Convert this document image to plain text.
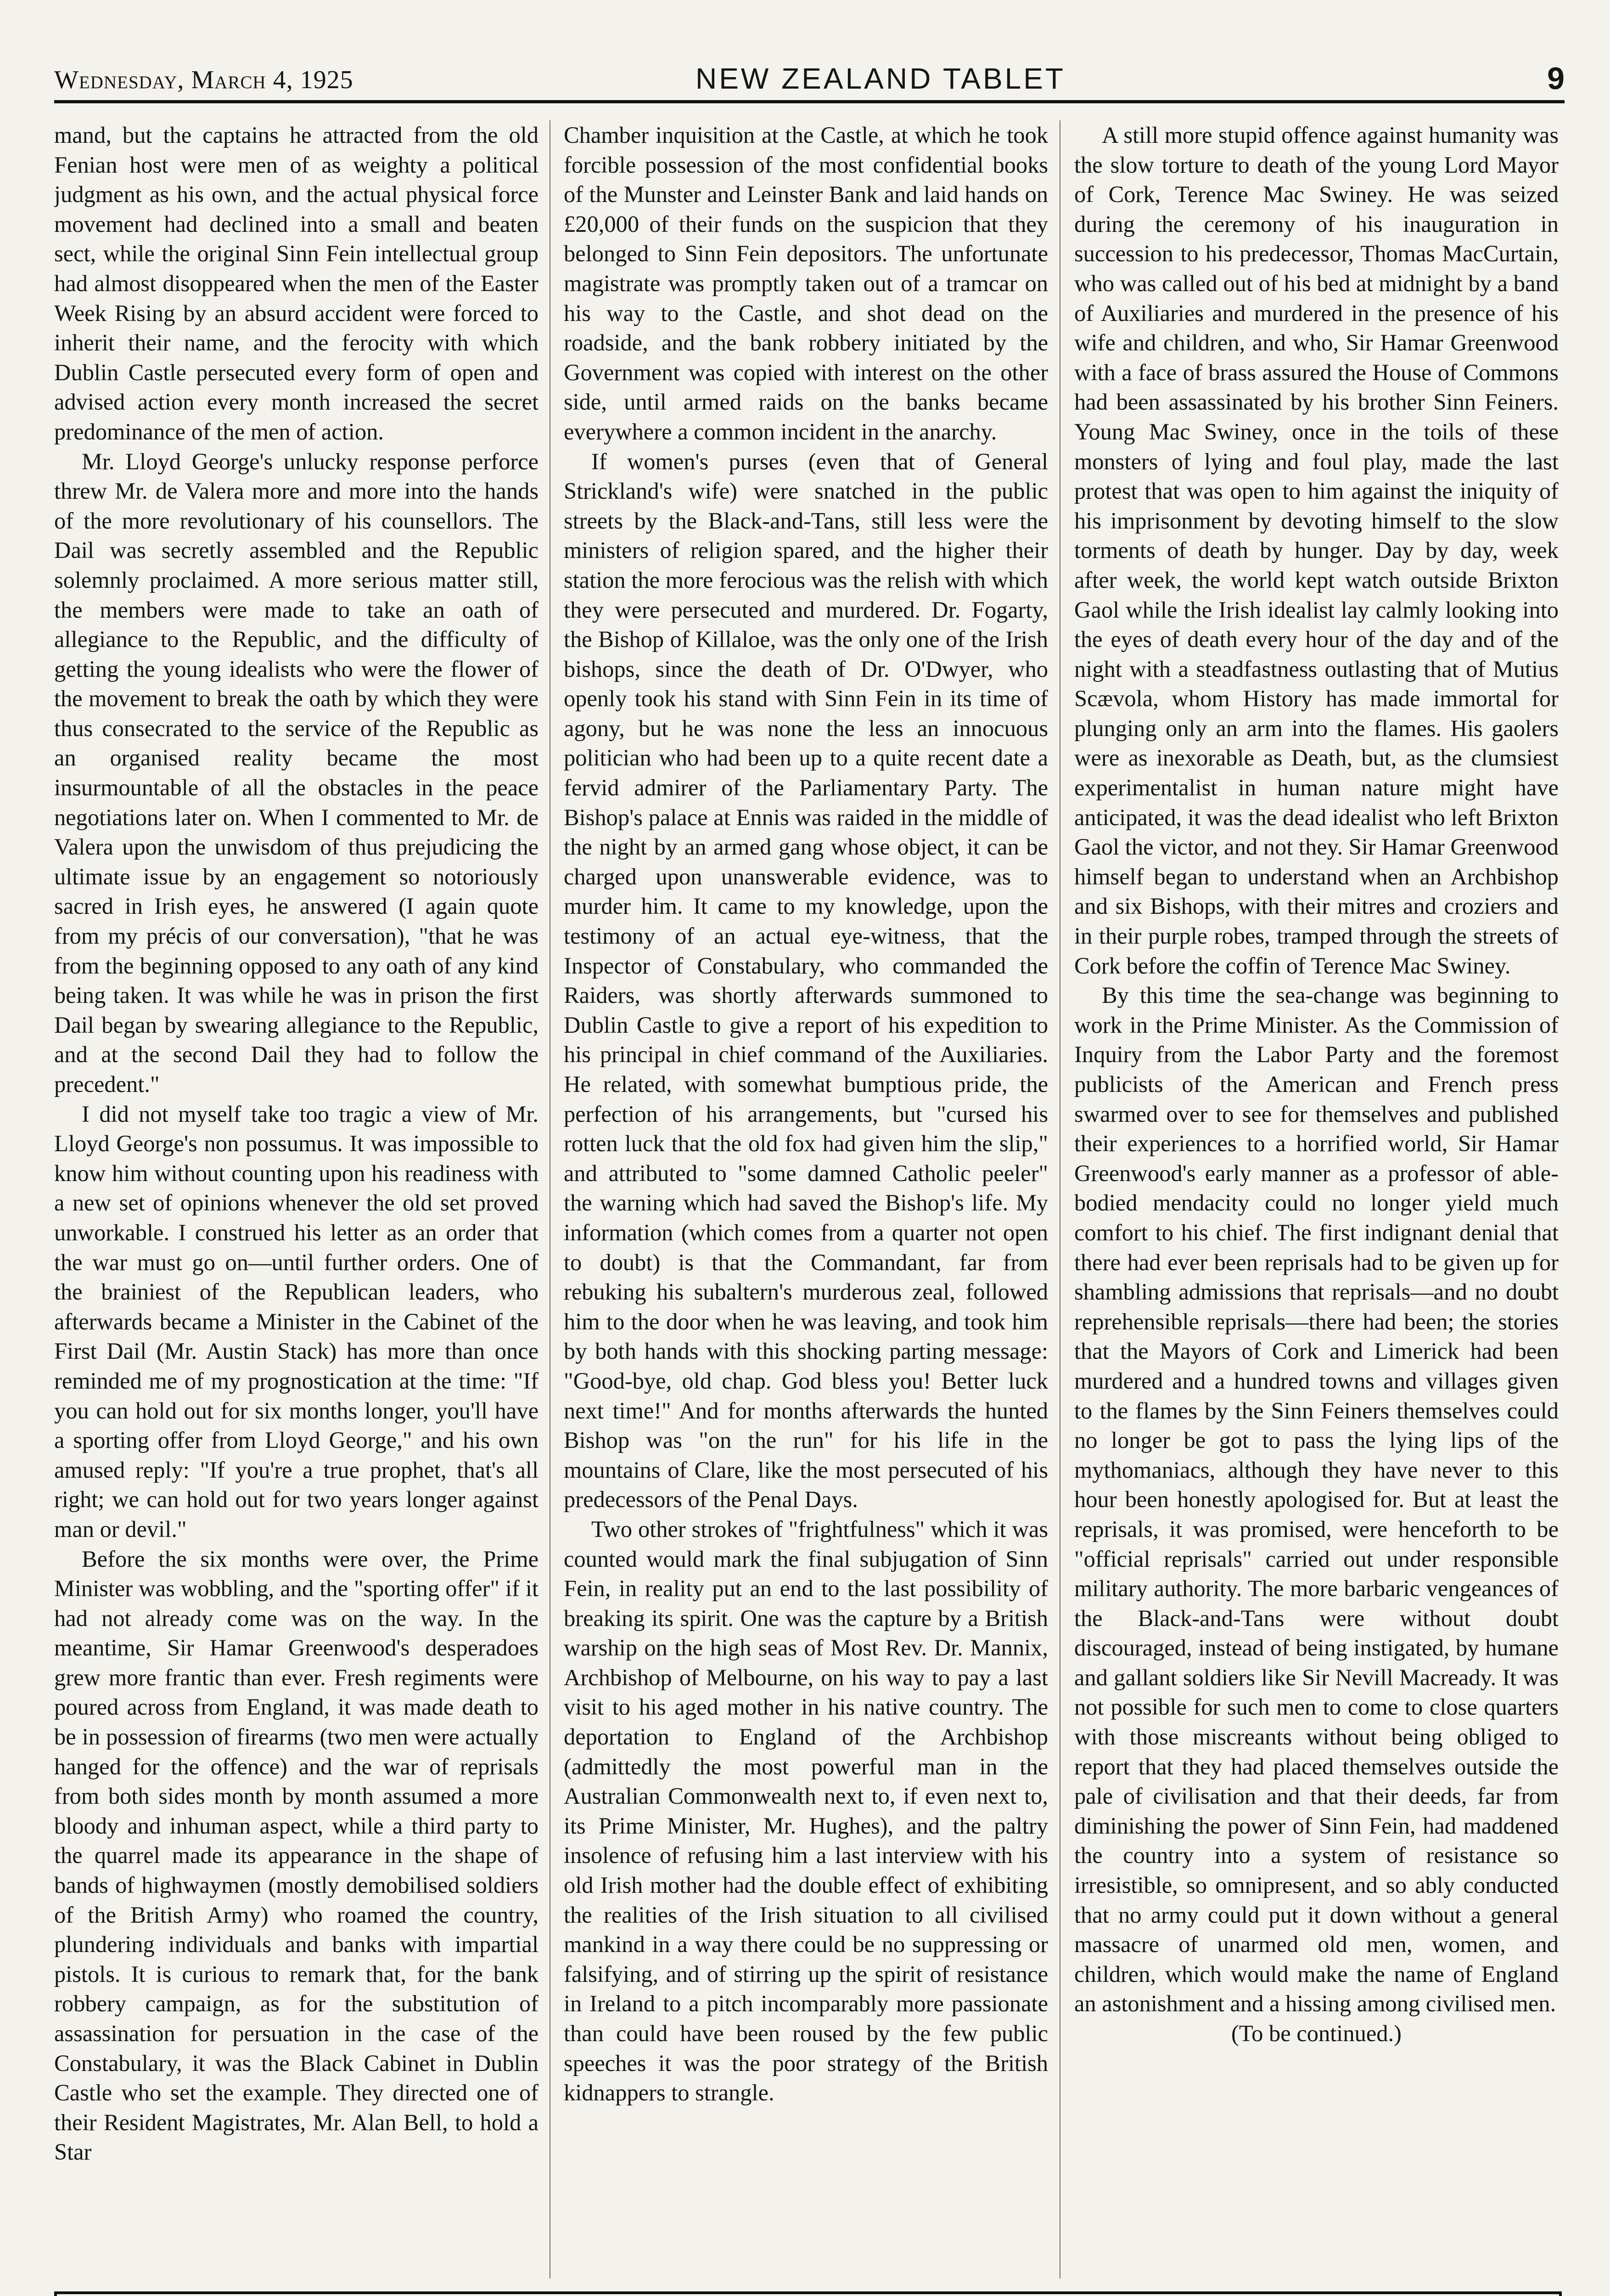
Wednesday, March 4, 1925	NEW ZEALAND TABLET	9

mand, but the captains he attracted from the old Fenian host were men of as weighty a political judgment as his own, and the actual physical force movement had declined into a small and beaten sect, while the original Sinn Fein intellectual group had almost disoppeared when the men of the Easter Week Rising by an absurd accident were forced to inherit their name, and the ferocity with which Dublin Castle persecuted every form of open and advised action every month increased the secret predominance of the men of action.

Mr. Lloyd George's unlucky response perforce threw Mr. de Valera more and more into the hands of the more revolutionary of his counsellors. The Dail was secretly assembled and the Republic solemnly proclaimed. A more serious matter still, the members were made to take an oath of allegiance to the Republic, and the difficulty of getting the young idealists who were the flower of the movement to break the oath by which they were thus consecrated to the service of the Republic as an organised reality became the most insurmountable of all the obstacles in the peace negotiations later on. When I commented to Mr. de Valera upon the unwisdom of thus prejudicing the ultimate issue by an engagement so notoriously sacred in Irish eyes, he answered (I again quote from my précis of our conversation), "that he was from the beginning opposed to any oath of any kind being taken. It was while he was in prison the first Dail began by swearing allegiance to the Republic, and at the second Dail they had to follow the precedent."

I did not myself take too tragic a view of Mr. Lloyd George's non possumus. It was impossible to know him without counting upon his readiness with a new set of opinions whenever the old set proved unworkable. I construed his letter as an order that the war must go on—until further orders. One of the brainiest of the Republican leaders, who afterwards became a Minister in the Cabinet of the First Dail (Mr. Austin Stack) has more than once reminded me of my prognostication at the time: "If you can hold out for six months longer, you'll have a sporting offer from Lloyd George," and his own amused reply: "If you're a true prophet, that's all right; we can hold out for two years longer against man or devil."

Before the six months were over, the Prime Minister was wobbling, and the "sporting offer" if it had not already come was on the way. In the meantime, Sir Hamar Greenwood's desperadoes grew more frantic than ever. Fresh regiments were poured across from England, it was made death to be in possession of firearms (two men were actually hanged for the offence) and the war of reprisals from both sides month by month assumed a more bloody and inhuman aspect, while a third party to the quarrel made its appearance in the shape of bands of highwaymen (mostly demobilised soldiers of the British Army) who roamed the country, plundering individuals and banks with impartial pistols. It is curious to remark that, for the bank robbery campaign, as for the substitution of assassination for persuation in the case of the Constabulary, it was the Black Cabinet in Dublin Castle who set the example. They directed one of their Resident Magistrates, Mr. Alan Bell, to hold a Star

Chamber inquisition at the Castle, at which he took forcible possession of the most confidential books of the Munster and Leinster Bank and laid hands on £20,000 of their funds on the suspicion that they belonged to Sinn Fein depositors. The unfortunate magistrate was promptly taken out of a tramcar on his way to the Castle, and shot dead on the roadside, and the bank robbery initiated by the Government was copied with interest on the other side, until armed raids on the banks became everywhere a common incident in the anarchy.

If women's purses (even that of General Strickland's wife) were snatched in the public streets by the Black-and-Tans, still less were the ministers of religion spared, and the higher their station the more ferocious was the relish with which they were persecuted and murdered. Dr. Fogarty, the Bishop of Killaloe, was the only one of the Irish bishops, since the death of Dr. O'Dwyer, who openly took his stand with Sinn Fein in its time of agony, but he was none the less an innocuous politician who had been up to a quite recent date a fervid admirer of the Parliamentary Party. The Bishop's palace at Ennis was raided in the middle of the night by an armed gang whose object, it can be charged upon unanswerable evidence, was to murder him. It came to my knowledge, upon the testimony of an actual eye-witness, that the Inspector of Constabulary, who commanded the Raiders, was shortly afterwards summoned to Dublin Castle to give a report of his expedition to his principal in chief command of the Auxiliaries. He related, with somewhat bumptious pride, the perfection of his arrangements, but "cursed his rotten luck that the old fox had given him the slip," and attributed to "some damned Catholic peeler" the warning which had saved the Bishop's life. My information (which comes from a quarter not open to doubt) is that the Commandant, far from rebuking his subaltern's murderous zeal, followed him to the door when he was leaving, and took him by both hands with this shocking parting message: "Good-bye, old chap. God bless you! Better luck next time!" And for months afterwards the hunted Bishop was "on the run" for his life in the mountains of Clare, like the most persecuted of his predecessors of the Penal Days.

Two other strokes of "frightfulness" which it was counted would mark the final subjugation of Sinn Fein, in reality put an end to the last possibility of breaking its spirit. One was the capture by a British warship on the high seas of Most Rev. Dr. Mannix, Archbishop of Melbourne, on his way to pay a last visit to his aged mother in his native country. The deportation to England of the Archbishop (admittedly the most powerful man in the Australian Commonwealth next to, if even next to, its Prime Minister, Mr. Hughes), and the paltry insolence of refusing him a last interview with his old Irish mother had the double effect of exhibiting the realities of the Irish situation to all civilised mankind in a way there could be no suppressing or falsifying, and of stirring up the spirit of resistance in Ireland to a pitch incomparably more passionate than could have been roused by the few public speeches it was the poor strategy of the British kidnappers to strangle.

A still more stupid offence against humanity was the slow torture to death of the young Lord Mayor of Cork, Terence Mac Swiney. He was seized during the ceremony of his inauguration in succession to his predecessor, Thomas MacCurtain, who was called out of his bed at midnight by a band of Auxiliaries and murdered in the presence of his wife and children, and who, Sir Hamar Greenwood with a face of brass assured the House of Commons had been assassinated by his brother Sinn Feiners. Young Mac Swiney, once in the toils of these monsters of lying and foul play, made the last protest that was open to him against the iniquity of his imprisonment by devoting himself to the slow torments of death by hunger. Day by day, week after week, the world kept watch outside Brixton Gaol while the Irish idealist lay calmly looking into the eyes of death every hour of the day and of the night with a steadfastness outlasting that of Mutius Scævola, whom History has made immortal for plunging only an arm into the flames. His gaolers were as inexorable as Death, but, as the clumsiest experimentalist in human nature might have anticipated, it was the dead idealist who left Brixton Gaol the victor, and not they. Sir Hamar Greenwood himself began to understand when an Archbishop and six Bishops, with their mitres and croziers and in their purple robes, tramped through the streets of Cork before the coffin of Terence Mac Swiney.

By this time the sea-change was beginning to work in the Prime Minister. As the Commission of Inquiry from the Labor Party and the foremost publicists of the American and French press swarmed over to see for themselves and published their experiences to a horrified world, Sir Hamar Greenwood's early manner as a professor of able-bodied mendacity could no longer yield much comfort to his chief. The first indignant denial that there had ever been reprisals had to be given up for shambling admissions that reprisals—and no doubt reprehensible reprisals—there had been; the stories that the Mayors of Cork and Limerick had been murdered and a hundred towns and villages given to the flames by the Sinn Feiners themselves could no longer be got to pass the lying lips of the mythomaniacs, although they have never to this hour been honestly apologised for. But at least the reprisals, it was promised, were henceforth to be "official reprisals" carried out under responsible military authority. The more barbaric vengeances of the Black-and-Tans were without doubt discouraged, instead of being instigated, by humane and gallant soldiers like Sir Nevill Macready. It was not possible for such men to come to close quarters with those miscreants without being obliged to report that they had placed themselves outside the pale of civilisation and that their deeds, far from diminishing the power of Sinn Fein, had maddened the country into a system of resistance so irresistible, so omnipresent, and so ably conducted that no army could put it down without a general massacre of unarmed old men, women, and children, which would make the name of England an astonishment and a hissing among civilised men.

(To be continued.)
